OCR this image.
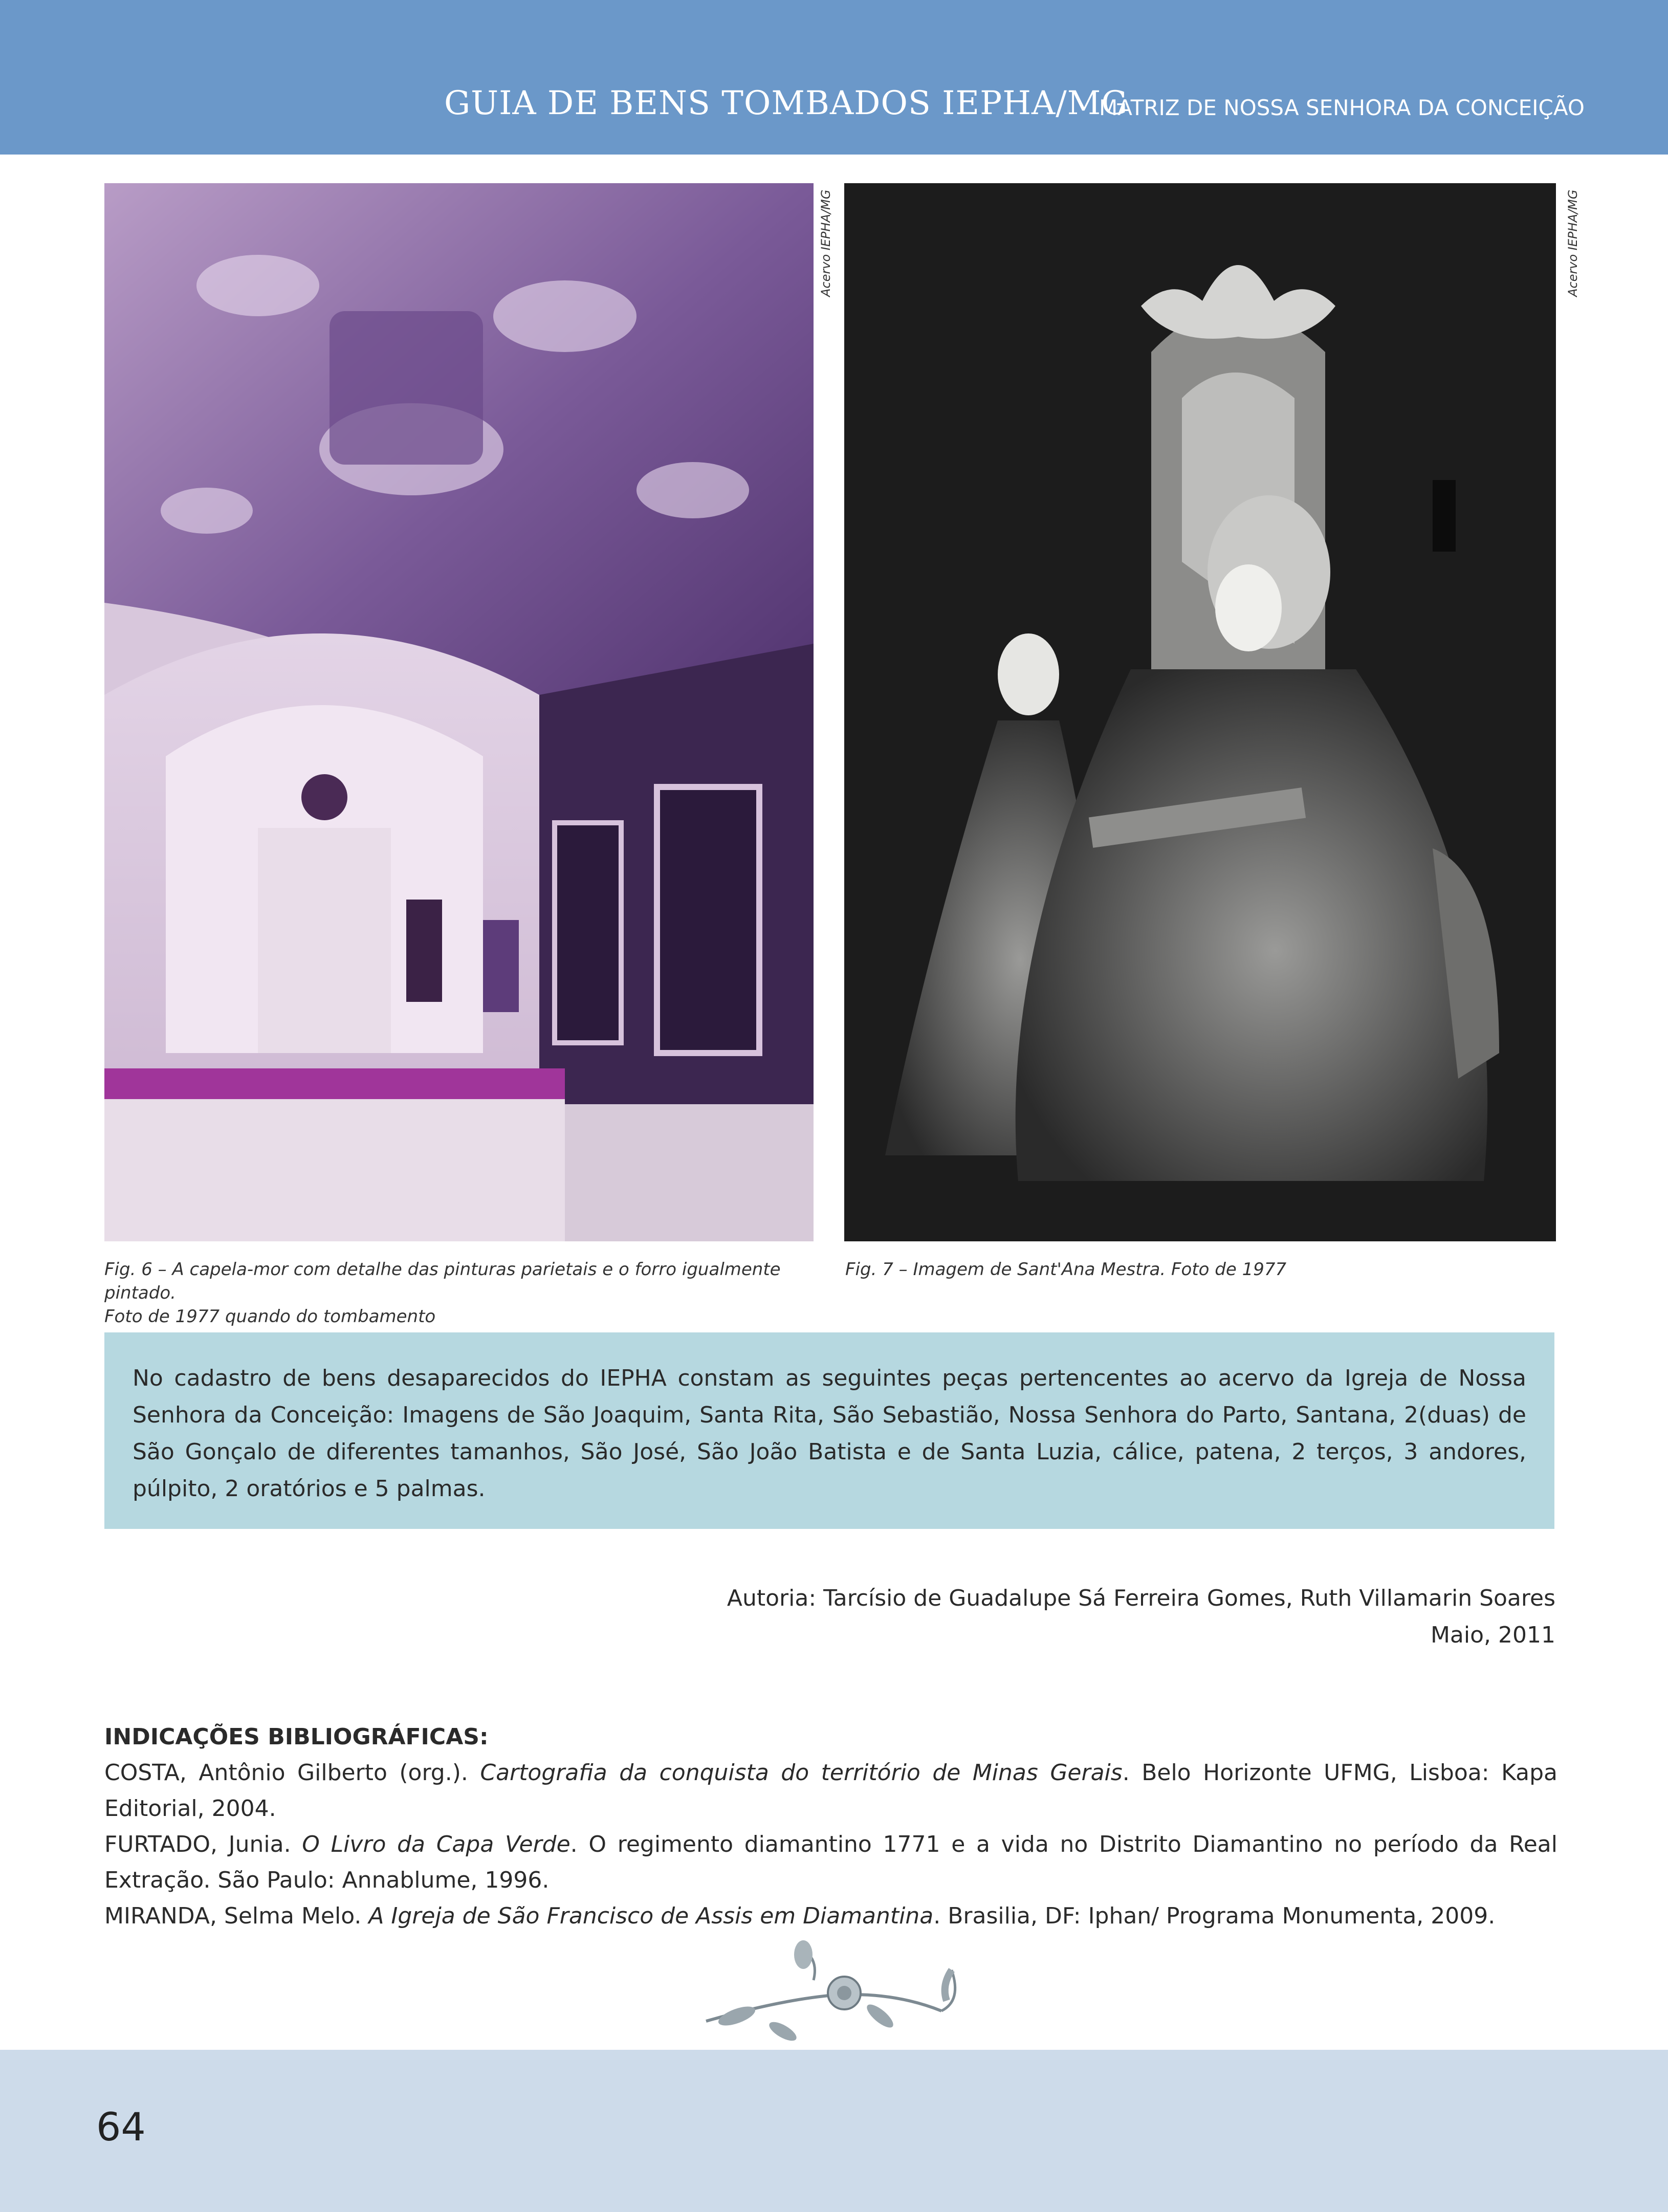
GUIA DE BENS TOMBADOS IEPHA/MG
MATRIZ DE NOSSA SENHORA DA CONCEIÇÃO
Acervo IEPHA/MG	Acervo IEPHA/MG
Fig. 6 – A capela-mor com detalhe das pinturas parietais e o forro igualmente pintado.
Foto de 1977 quando do tombamento
Fig. 7 – Imagem de Sant'Ana Mestra. Foto de 1977
No cadastro de bens desaparecidos do IEPHA constam as seguintes peças pertencentes ao acervo da Igreja de Nossa Senhora da Conceição: Imagens de São Joaquim, Santa Rita, São Sebastião, Nossa Senhora do Parto, Santana, 2(duas) de São Gonçalo de diferentes tamanhos, São José, São João Batista e de Santa Luzia, cálice, patena, 2 terços, 3 andores, púlpito, 2 oratórios e 5 palmas.
Autoria: Tarcísio de Guadalupe Sá Ferreira Gomes, Ruth Villamarin Soares
Maio, 2011
INDICAÇÕES BIBLIOGRÁFICAS:
COSTA, Antônio Gilberto (org.). Cartografia da conquista do território de Minas Gerais. Belo Horizonte UFMG, Lisboa: Kapa Editorial, 2004.
FURTADO, Junia. O Livro da Capa Verde. O regimento diamantino 1771 e a vida no Distrito Diamantino no período da Real Extração. São Paulo: Annablume, 1996.
MIRANDA, Selma Melo. A Igreja de São Francisco de Assis em Diamantina. Brasilia, DF: Iphan/ Programa Monumenta, 2009.
64
